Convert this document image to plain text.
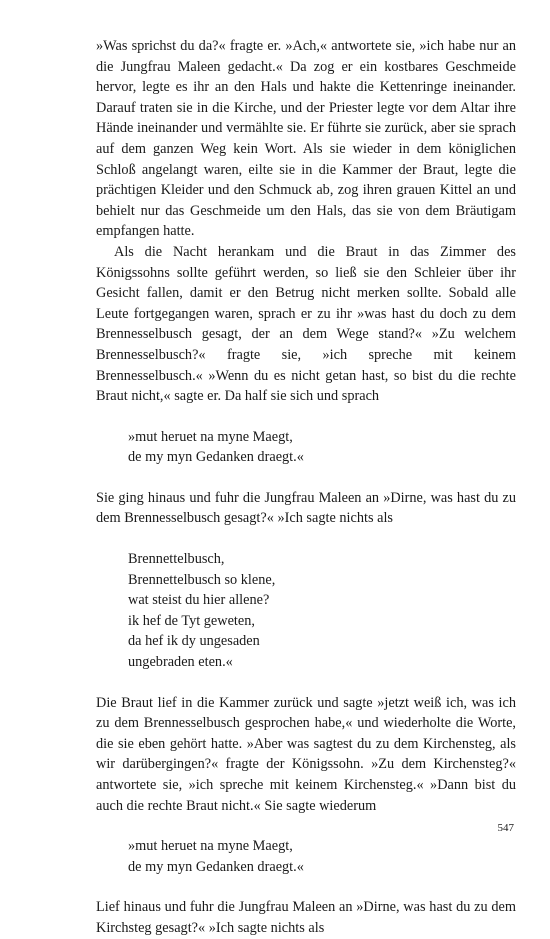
»Was sprichst du da?« fragte er. »Ach,« antwortete sie, »ich habe nur an die Jungfrau Maleen gedacht.« Da zog er ein kostbares Geschmeide hervor, legte es ihr an den Hals und hakte die Kettenringe ineinander. Darauf traten sie in die Kirche, und der Priester legte vor dem Altar ihre Hände ineinander und vermählte sie. Er führte sie zurück, aber sie sprach auf dem ganzen Weg kein Wort. Als sie wieder in dem königlichen Schloß angelangt waren, eilte sie in die Kammer der Braut, legte die prächtigen Kleider und den Schmuck ab, zog ihren grauen Kittel an und behielt nur das Geschmeide um den Hals, das sie von dem Bräutigam empfangen hatte.

Als die Nacht herankam und die Braut in das Zimmer des Königssohns sollte geführt werden, so ließ sie den Schleier über ihr Gesicht fallen, damit er den Betrug nicht merken sollte. Sobald alle Leute fortgegangen waren, sprach er zu ihr »was hast du doch zu dem Brennesselbusch gesagt, der an dem Wege stand?« »Zu welchem Brennesselbusch?« fragte sie, »ich spreche mit keinem Brennesselbusch.« »Wenn du es nicht getan hast, so bist du die rechte Braut nicht,« sagte er. Da half sie sich und sprach

»mut heruet na myne Maegt,
de my myn Gedanken draegt.«

Sie ging hinaus und fuhr die Jungfrau Maleen an »Dirne, was hast du zu dem Brennesselbusch gesagt?« »Ich sagte nichts als

Brennettelbusch,
Brennettelbusch so klene,
wat steist du hier allene?
ik hef de Tyt geweten,
da hef ik dy ungesaden
ungebraden eten.«

Die Braut lief in die Kammer zurück und sagte »jetzt weiß ich, was ich zu dem Brennesselbusch gesprochen habe,« und wiederholte die Worte, die sie eben gehört hatte. »Aber was sagtest du zu dem Kirchensteg, als wir darübergingen?« fragte der Königssohn. »Zu dem Kirchensteg?« antwortete sie, »ich spreche mit keinem Kirchensteg.« »Dann bist du auch die rechte Braut nicht.« Sie sagte wiederum

»mut heruet na myne Maegt,
de my myn Gedanken draegt.«

Lief hinaus und fuhr die Jungfrau Maleen an »Dirne, was hast du zu dem Kirchsteg gesagt?« »Ich sagte nichts als

547
